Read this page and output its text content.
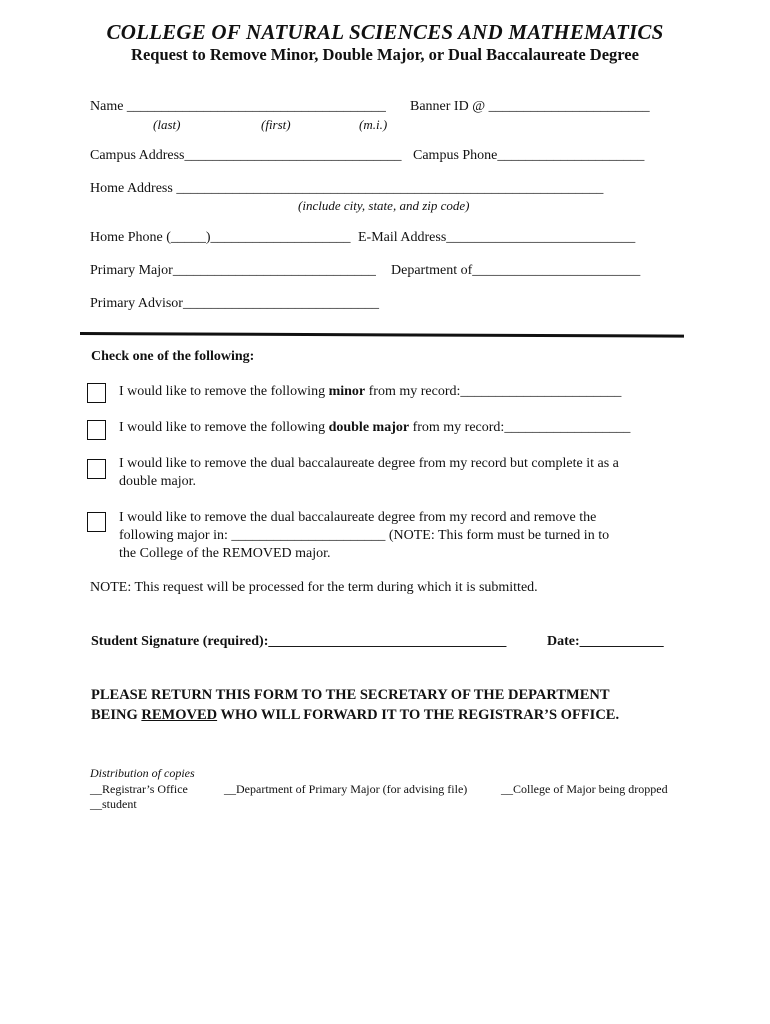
COLLEGE OF NATURAL SCIENCES AND MATHEMATICS
Request to Remove Minor, Double Major, or Dual Baccalaureate Degree
Name _____________________________________ Banner ID @ _______________________
(last)	(first)	(m.i.)
Campus Address_______________________________ Campus Phone_____________________
Home Address _____________________________________________________________
(include city, state, and zip code)
Home Phone (_____)____________________ E-Mail Address___________________________
Primary Major_____________________________ Department of________________________
Primary Advisor____________________________
Check one of the following:
I would like to remove the following minor from my record:_______________________
I would like to remove the following double major from my record:__________________
I would like to remove the dual baccalaureate degree from my record but complete it as a
double major.
I would like to remove the dual baccalaureate degree from my record and remove the
following major in: ______________________ (NOTE: This form must be turned in to
the College of the REMOVED major.
NOTE: This request will be processed for the term during which it is submitted.
Student Signature (required):__________________________________	Date:____________
PLEASE RETURN THIS FORM TO THE SECRETARY OF THE DEPARTMENT
BEING REMOVED WHO WILL FORWARD IT TO THE REGISTRAR’S OFFICE.
Distribution of copies
__Registrar’s Office	__Department of Primary Major (for advising file)	__College of Major being dropped
__student
